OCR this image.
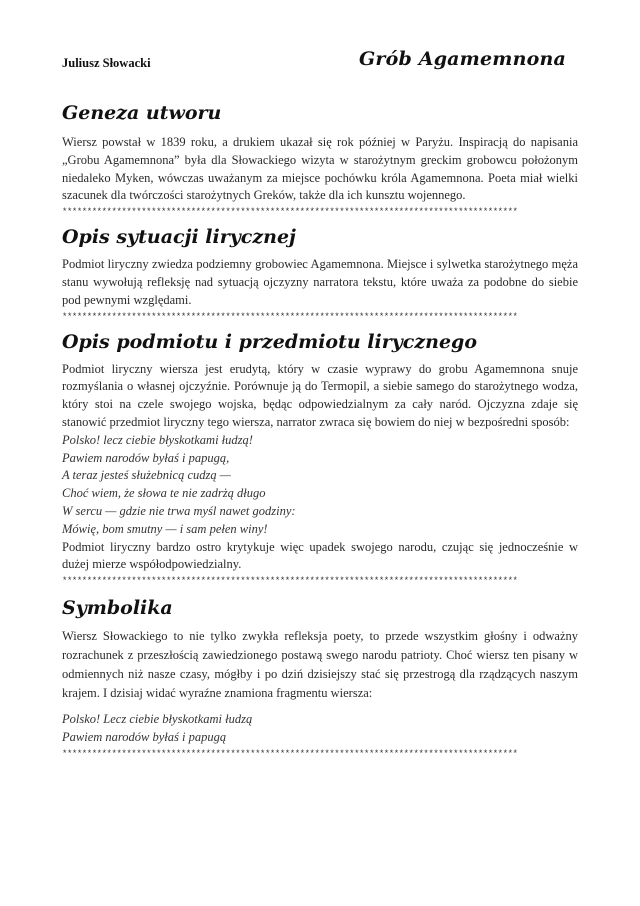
Juliusz Słowacki	Grób Agamemnona
Geneza utworu

Wiersz powstał w 1839 roku, a drukiem ukazał się rok później w Paryżu. Inspiracją do napisania „Grobu Agamemnona” była dla Słowackiego wizyta w starożytnym greckim grobowcu położonym niedaleko Myken, wówczas uważanym za miejsce pochówku króla Agamemnona. Poeta miał wielki szacunek dla twórczości starożytnych Greków, także dla ich kunsztu wojennego.

********************************************************************************************
Opis sytuacji lirycznej

Podmiot liryczny zwiedza podziemny grobowiec Agamemnona. Miejsce i sylwetka starożytnego męża stanu wywołują refleksję nad sytuacją ojczyzny narratora tekstu, które uważa za podobne do siebie pod pewnymi względami.

********************************************************************************************
Opis podmiotu i przedmiotu lirycznego

Podmiot liryczny wiersza jest erudytą, który w czasie wyprawy do grobu Agamemnona snuje rozmyślania o własnej ojczyźnie. Porównuje ją do Termopil, a siebie samego do starożytnego wodza, który stoi na czele swojego wojska, będąc odpowiedzialnym za cały naród. Ojczyzna zdaje się stanowić przedmiot liryczny tego wiersza, narrator zwraca się bowiem do niej w bezpośredni sposób:

Polsko! lecz ciebie błyskotkami łudzą!

Pawiem narodów byłaś i papugą,

A teraz jesteś służebnicą cudzą —

Choć wiem, że słowa te nie zadrżą długo

W sercu — gdzie nie trwa myśl nawet godziny:

Mówię, bom smutny — i sam pełen winy!

Podmiot liryczny bardzo ostro krytykuje więc upadek swojego narodu, czując się jednocześnie w dużej mierze współodpowiedzialny.

********************************************************************************************
Symbolika

Wiersz Słowackiego to nie tylko zwykła refleksja poety, to przede wszystkim głośny i odważny rozrachunek z przeszłością zawiedzionego postawą swego narodu patrioty. Choć wiersz ten pisany w odmiennych niż nasze czasy, mógłby i po dziń dzisiejszy stać się przestrogą dla rządzących naszym krajem. I dzisiaj widać wyraźne znamiona fragmentu wiersza:

Polsko! Lecz ciebie błyskotkami łudzą

Pawiem narodów byłaś i papugą

********************************************************************************************
